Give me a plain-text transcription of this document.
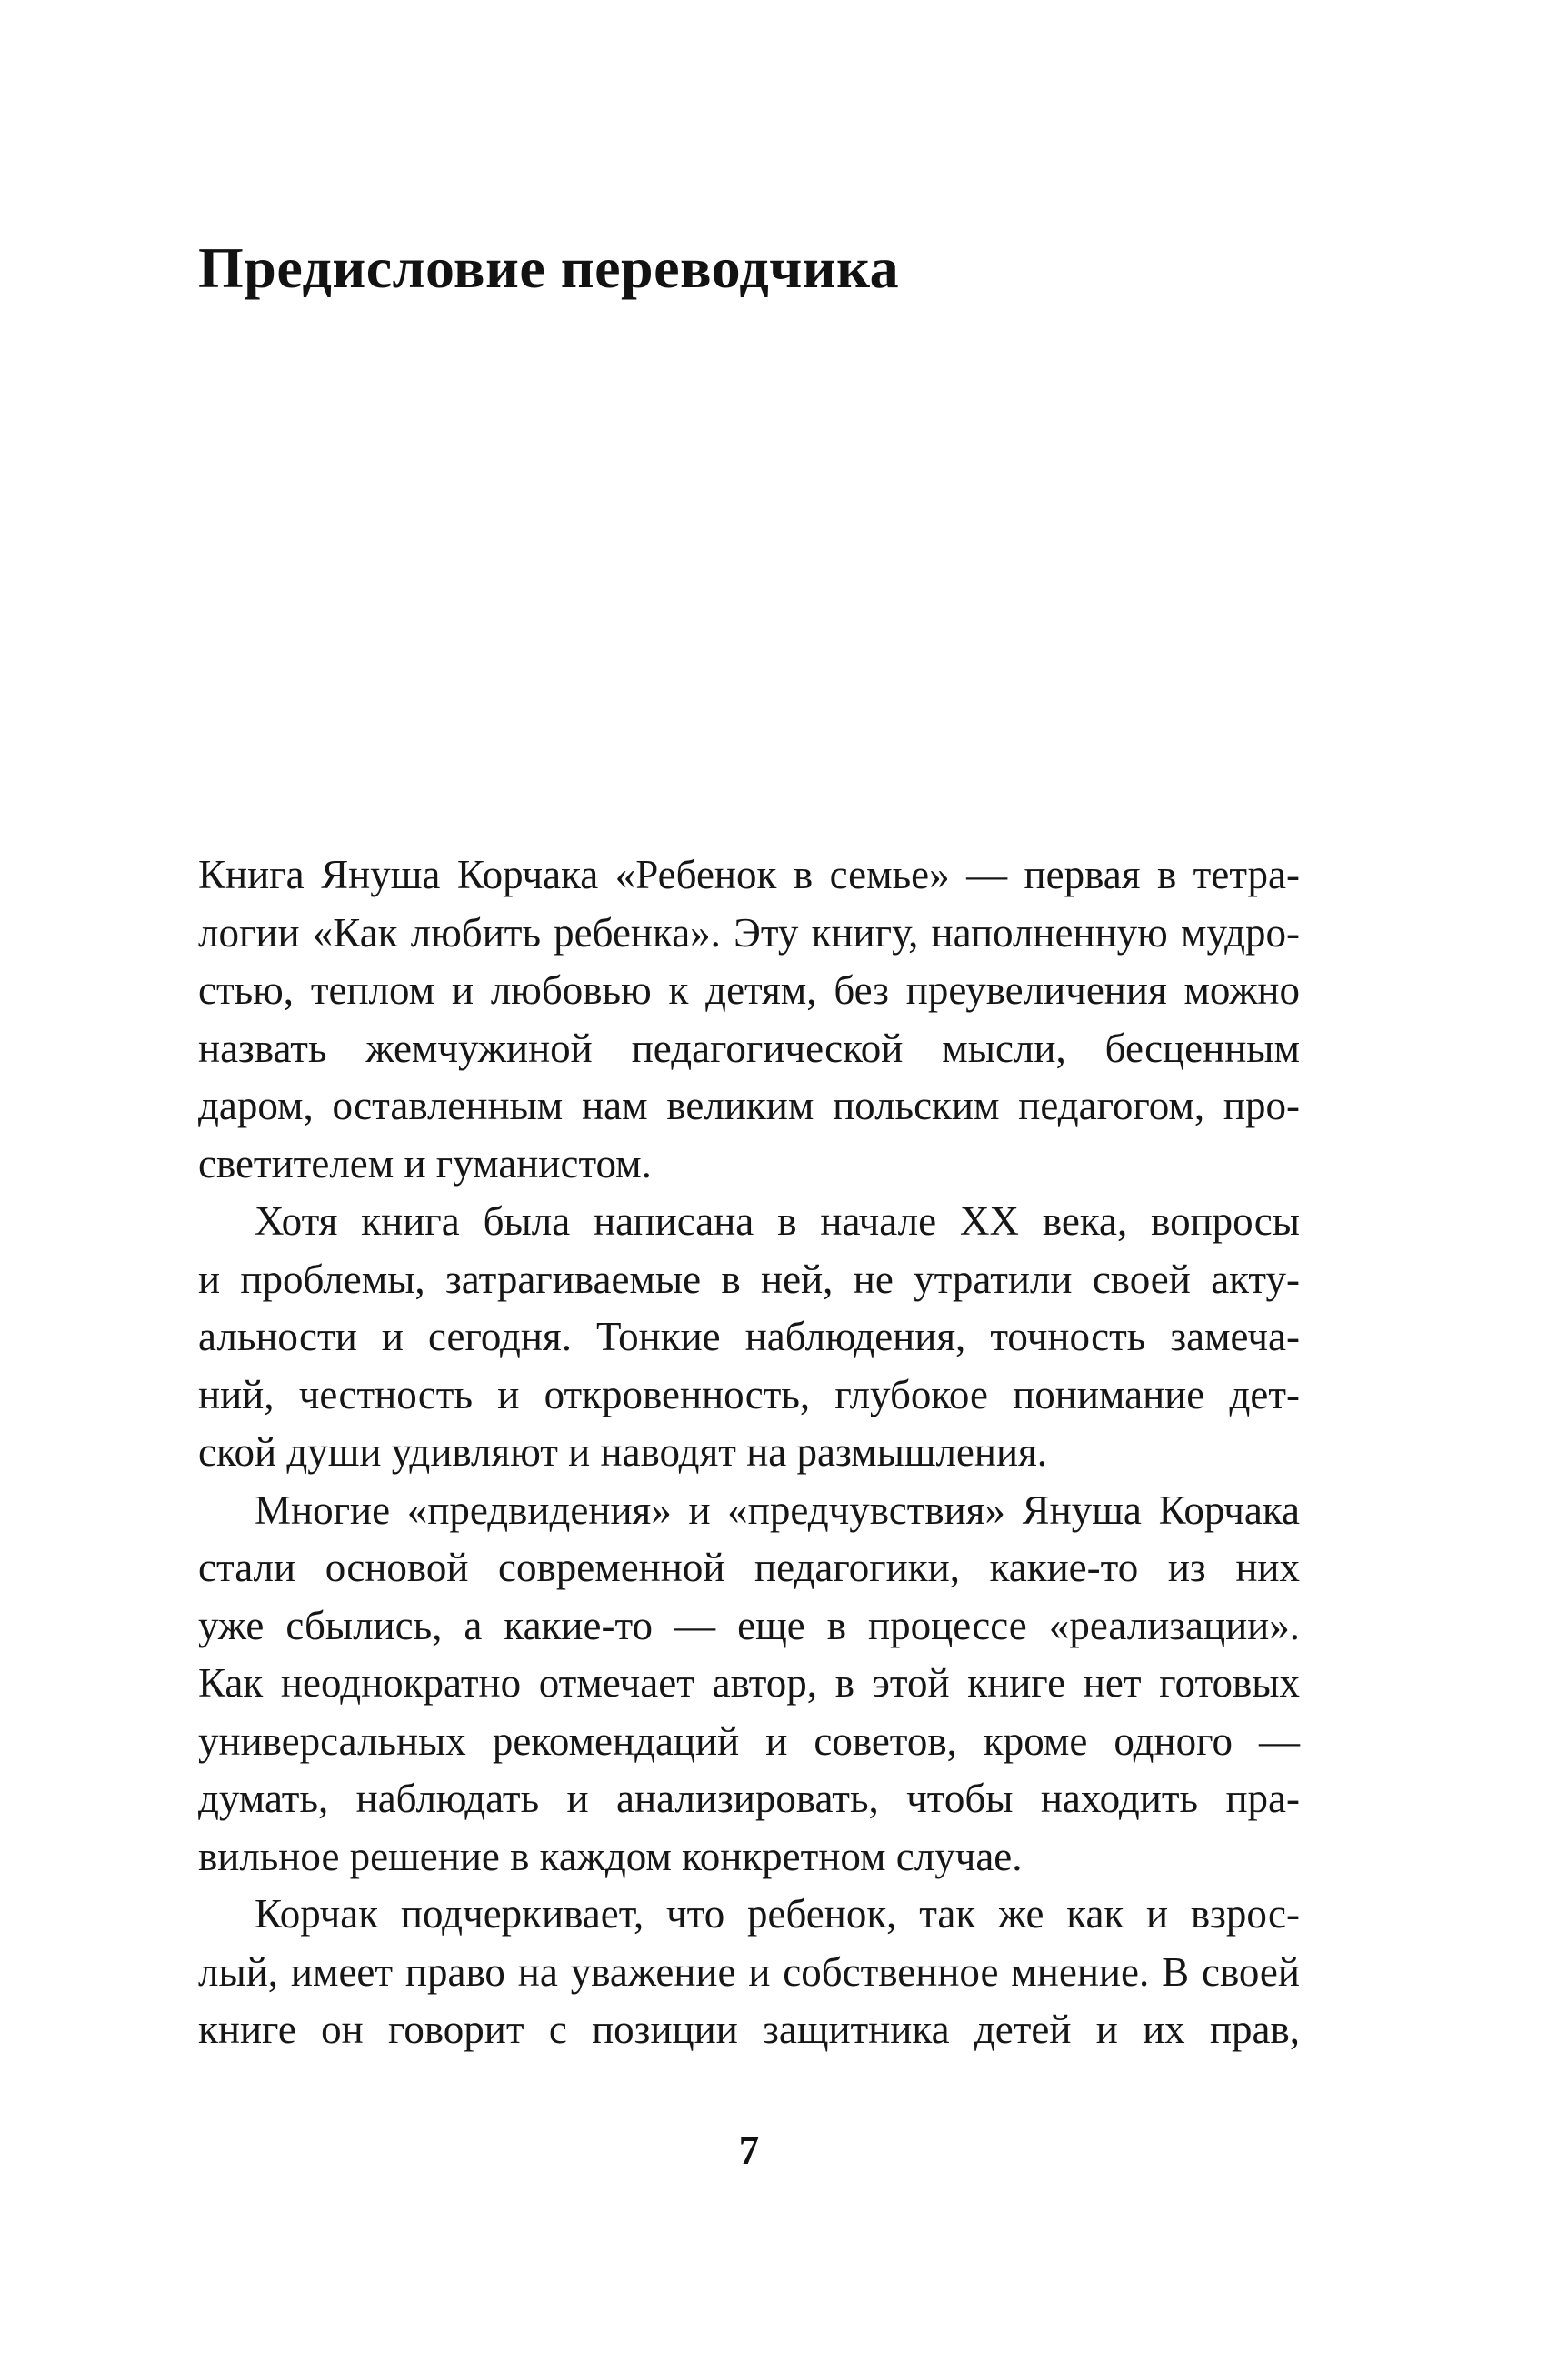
Предисловие переводчика
Книга Януша Корчака «Ребенок в семье» — первая в тетра-
логии «Как любить ребенка». Эту книгу, наполненную мудро-
стью, теплом и любовью к детям, без преувеличения можно
назвать жемчужиной педагогической мысли, бесценным
даром, оставленным нам великим польским педагогом, про-
светителем и гуманистом.
Хотя книга была написана в начале XX века, вопросы
и проблемы, затрагиваемые в ней, не утратили своей акту-
альности и сегодня. Тонкие наблюдения, точность замеча-
ний, честность и откровенность, глубокое понимание дет-
ской души удивляют и наводят на размышления.
Многие «предвидения» и «предчувствия» Януша Корчака
стали основой современной педагогики, какие-то из них
уже сбылись, а какие-то — еще в процессе «реализации».
Как неоднократно отмечает автор, в этой книге нет готовых
универсальных рекомендаций и советов, кроме одного —
думать, наблюдать и анализировать, чтобы находить пра-
вильное решение в каждом конкретном случае.
Корчак подчеркивает, что ребенок, так же как и взрос-
лый, имеет право на уважение и собственное мнение. В своей
книге он говорит с позиции защитника детей и их прав,
7
